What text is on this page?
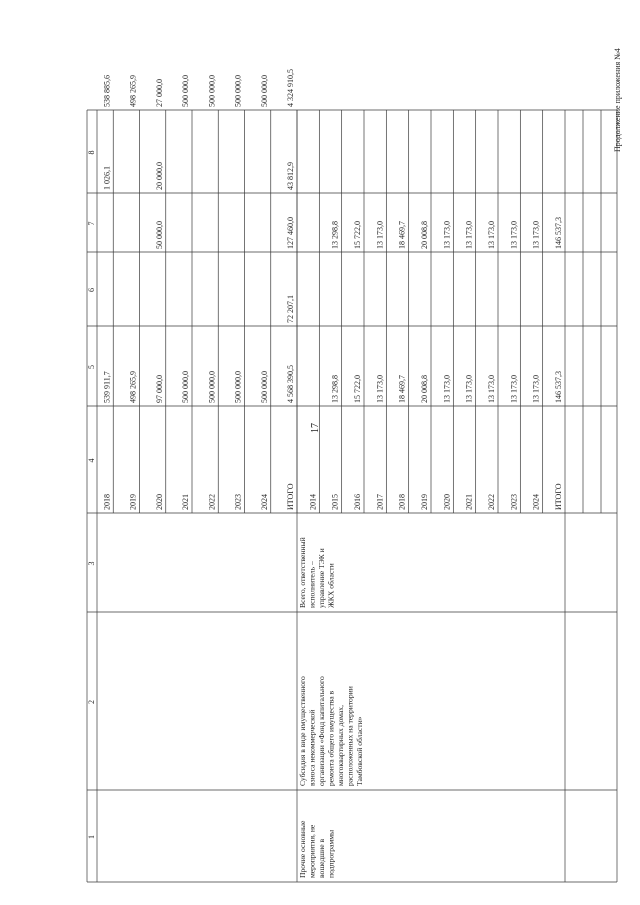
17
Продолжение приложения №4
1
2
3
4
5
6
7
8
2018
539 911,7
1 026,1
538 885,6
2019
498 265,9
498 265,9
2020
97 000,0
50 000,0
20 000,0
27 000,0
2021
500 000,0
500 000,0
2022
500 000,0
500 000,0
2023
500 000,0
500 000,0
2024
500 000,0
500 000,0
ИТОГО
4 568 390,5
72 207,1
127 460,0
43 812,9
4 324 910,5
2014 2015
13 298,8
13 298,8
2016
15 722,0
15 722,0
2017
13 173,0
13 173,0
2018
18 469,7
18 469,7
2019
20 008,8
20 008,8
2020
13 173,0
13 173,0
2021
13 173,0
13 173,0
2022
13 173,0
13 173,0
2023
13 173,0
13 173,0
2024
13 173,0
13 173,0
ИТОГО
146 537,3
146 537,3
Прочие основные мероприятия, не вошедшие в подпрограммы
Субсидия в виде имущественного взноса некоммерческой организации «Фонд капитального ремонта общего имущества в многоквартирных домах, расположенных на территории Тамбовской области»
Всего, ответственный исполнитель – управление ТЭК и ЖКХ области
